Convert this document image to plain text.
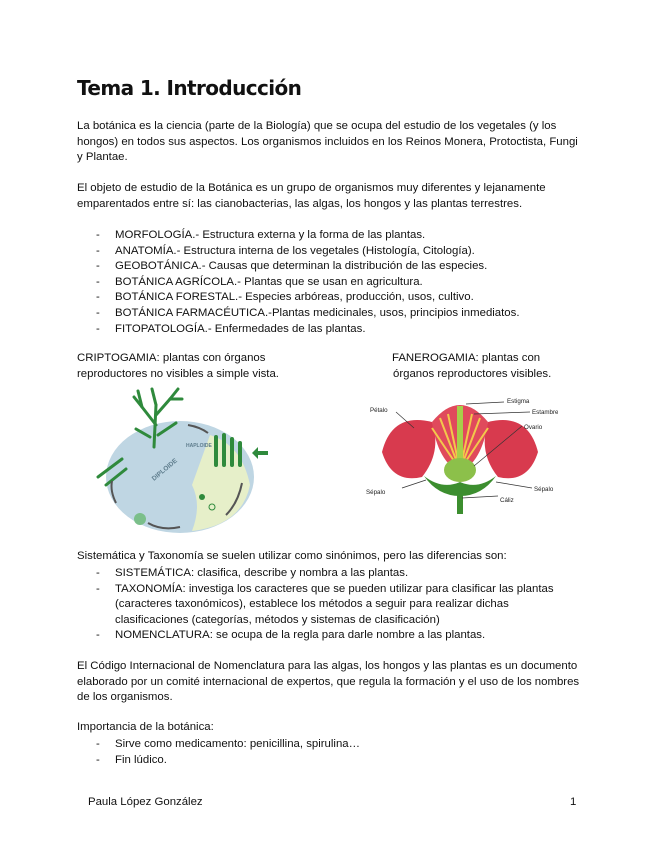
Tema 1. Introducción

La botánica es la ciencia (parte de la Biología) que se ocupa del estudio de los vegetales (y los hongos) en todos sus aspectos. Los organismos incluidos en los Reinos Monera, Protoctista, Fungi y Plantae.

El objeto de estudio de la Botánica es un grupo de organismos muy diferentes y lejanamente emparentados entre sí: las cianobacterias, las algas, los hongos y las plantas terrestres.

- MORFOLOGÍA.- Estructura externa y la forma de las plantas.
- ANATOMÍA.- Estructura interna de los vegetales (Histología, Citología).
- GEOBOTÁNICA.- Causas que determinan la distribución de las especies.
- BOTÁNICA AGRÍCOLA.- Plantas que se usan en agricultura.
- BOTÁNICA FORESTAL.- Especies arbóreas, producción, usos, cultivo.
- BOTÁNICA FARMACÉUTICA.-Plantas medicinales, usos, principios inmediatos.
- FITOPATOLOGÍA.- Enfermedades de las plantas.
CRIPTOGAMIA: plantas con órganos
reproductores no visibles a simple vista.
FANEROGAMIA: plantas con
órganos reproductores visibles.
DIPLOIDE
HAPLOIDE
Pétalo
Estigma
Estambre
Ovario
Sépalo	Sépalo
Cáliz

Sistemática y Taxonomía se suelen utilizar como sinónimos, pero las diferencias son:

- SISTEMÁTICA: clasifica, describe y nombra a las plantas.
- TAXONOMÍA: investiga los caracteres que se pueden utilizar para clasificar las plantas (caracteres taxonómicos), establece los métodos a seguir para realizar dichas clasificaciones (categorías, métodos y sistemas de clasificación)
- NOMENCLATURA: se ocupa de la regla para darle nombre a las plantas.

El Código Internacional de Nomenclatura para las algas, los hongos y las plantas es un documento elaborado por un comité internacional de expertos, que regula la formación y el uso de los nombres de los organismos.

Importancia de la botánica:

- Sirve como medicamento: penicillina, spirulina…
- Fin lúdico.

Paula López González	1
